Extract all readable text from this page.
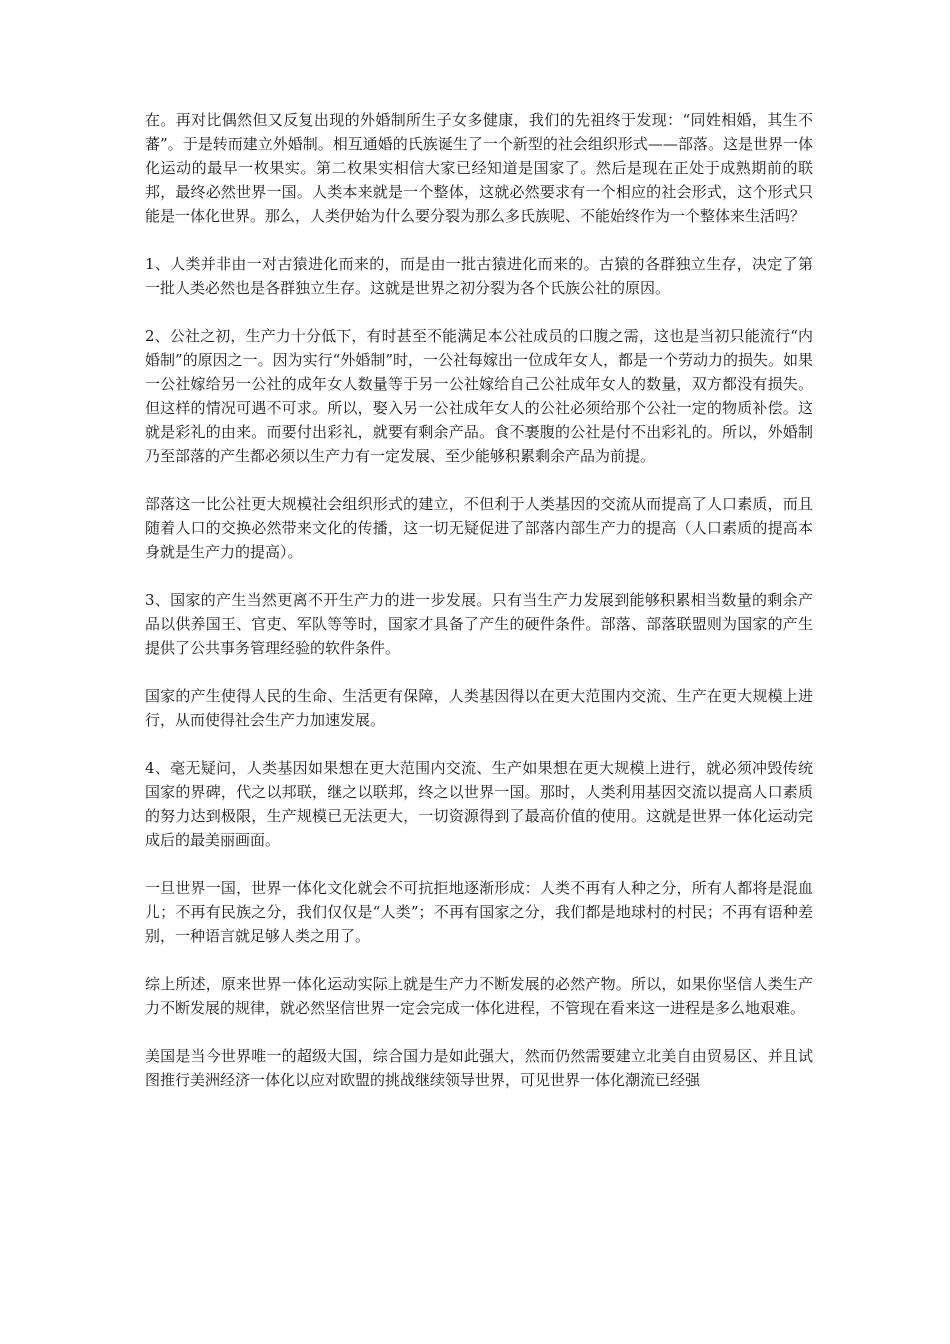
在。再对比偶然但又反复出现的外婚制所生子女多健康，我们的先祖终于发现：“同姓相婚，其生不蕃”。于是转而建立外婚制。相互通婚的氏族诞生了一个新型的社会组织形式——部落。这是世界一体化运动的最早一枚果实。第二枚果实相信大家已经知道是国家了。然后是现在正处于成熟期前的联邦，最终必然世界一国。人类本来就是一个整体，这就必然要求有一个相应的社会形式，这个形式只能是一体化世界。那么，人类伊始为什么要分裂为那么多氏族呢、不能始终作为一个整体来生活吗？

1、人类并非由一对古猿进化而来的，而是由一批古猿进化而来的。古猿的各群独立生存，决定了第一批人类必然也是各群独立生存。这就是世界之初分裂为各个氏族公社的原因。

2、公社之初，生产力十分低下，有时甚至不能满足本公社成员的口腹之需，这也是当初只能流行“内婚制”的原因之一。因为实行“外婚制”时，一公社每嫁出一位成年女人，都是一个劳动力的损失。如果一公社嫁给另一公社的成年女人数量等于另一公社嫁给自己公社成年女人的数量，双方都没有损失。但这样的情况可遇不可求。所以，娶入另一公社成年女人的公社必须给那个公社一定的物质补偿。这就是彩礼的由来。而要付出彩礼，就要有剩余产品。食不裹腹的公社是付不出彩礼的。所以，外婚制乃至部落的产生都必须以生产力有一定发展、至少能够积累剩余产品为前提。

部落这一比公社更大规模社会组织形式的建立，不但利于人类基因的交流从而提高了人口素质，而且随着人口的交换必然带来文化的传播，这一切无疑促进了部落内部生产力的提高（人口素质的提高本身就是生产力的提高）。

3、国家的产生当然更离不开生产力的进一步发展。只有当生产力发展到能够积累相当数量的剩余产品以供养国王、官吏、军队等等时，国家才具备了产生的硬件条件。部落、部落联盟则为国家的产生提供了公共事务管理经验的软件条件。

国家的产生使得人民的生命、生活更有保障，人类基因得以在更大范围内交流、生产在更大规模上进行，从而使得社会生产力加速发展。

4、毫无疑问，人类基因如果想在更大范围内交流、生产如果想在更大规模上进行，就必须冲毁传统国家的界碑，代之以邦联，继之以联邦，终之以世界一国。那时，人类利用基因交流以提高人口素质的努力达到极限，生产规模已无法更大，一切资源得到了最高价值的使用。这就是世界一体化运动完成后的最美丽画面。

一旦世界一国，世界一体化文化就会不可抗拒地逐渐形成：人类不再有人种之分，所有人都将是混血儿；不再有民族之分，我们仅仅是“人类”；不再有国家之分，我们都是地球村的村民；不再有语种差别，一种语言就足够人类之用了。

综上所述，原来世界一体化运动实际上就是生产力不断发展的必然产物。所以，如果你坚信人类生产力不断发展的规律，就必然坚信世界一定会完成一体化进程，不管现在看来这一进程是多么地艰难。

美国是当今世界唯一的超级大国，综合国力是如此强大，然而仍然需要建立北美自由贸易区、并且试图推行美洲经济一体化以应对欧盟的挑战继续领导世界，可见世界一体化潮流已经强
